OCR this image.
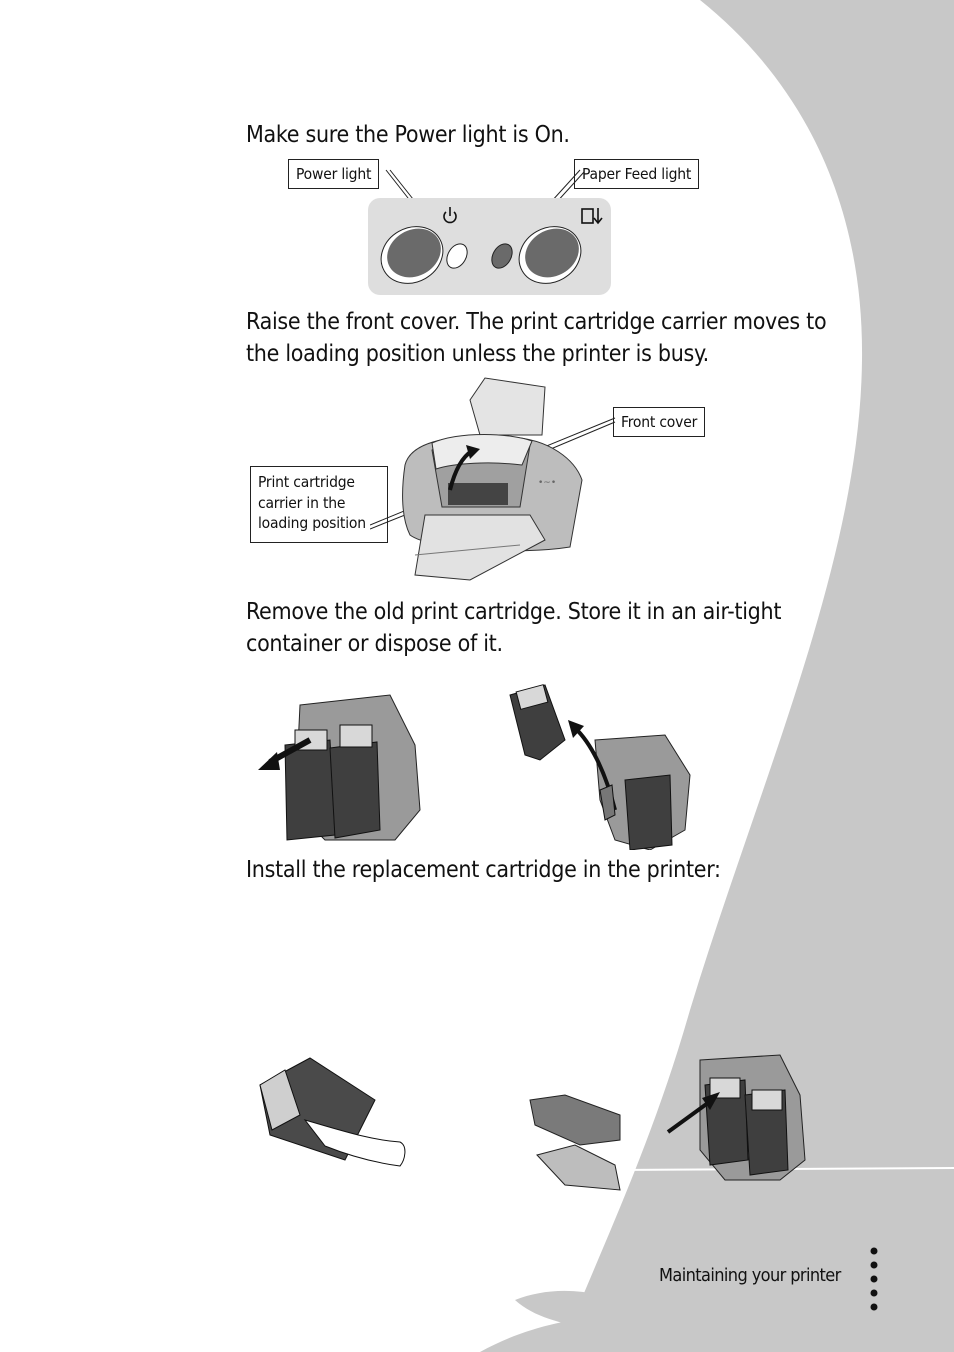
Make sure the Power light is On.
Power light	Paper Feed light
Raise the front cover. The print cartridge carrier moves to the loading position unless the printer is busy.
Front cover
Print cartridge carrier in the loading position
•~•
Remove the old print cartridge. Store it in an air-tight container or dispose of it.
Install the replacement cartridge in the printer:
Maintaining your printer
